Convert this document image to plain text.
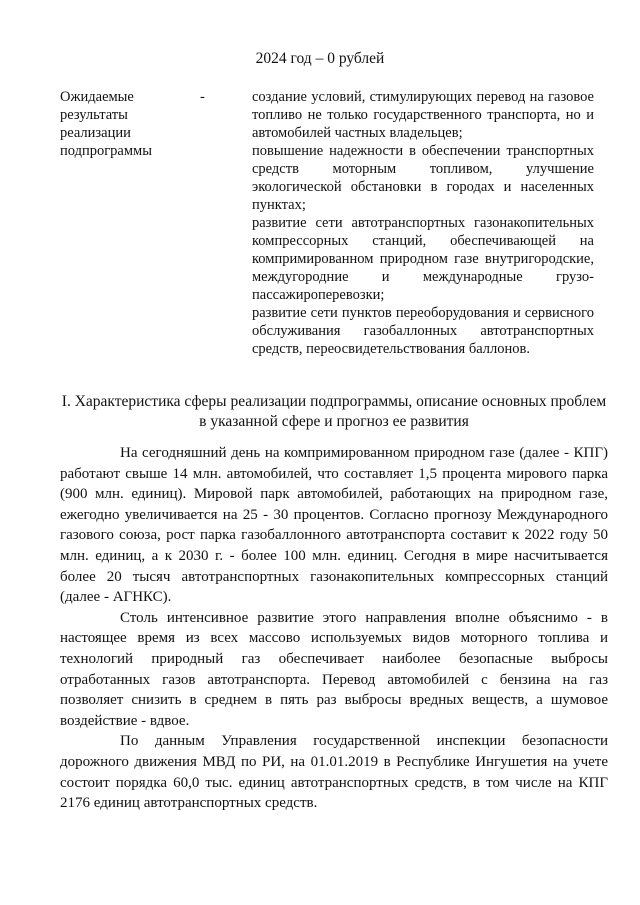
2024 год – 0 рублей
Ожидаемые результаты реализации подпрограммы
-	создание условий, стимулирующих перевод на газовое топливо не только государственного транспорта, но и автомобилей частных владельцев;

повышение надежности в обеспечении транспортных средств моторным топливом, улучшение экологической обстановки в городах и населенных пунктах;

развитие сети автотранспортных газонакопительных компрессорных станций, обеспечивающей на компримированном природном газе внутригородские, междугородние и международные грузо-пассажироперевозки;

развитие сети пунктов переоборудования и сервисного обслуживания газобаллонных автотранспортных средств, переосвидетельствования баллонов.

I. Характеристика сферы реализации подпрограммы, описание основных проблем в указанной сфере и прогноз ее развития

На сегодняшний день на компримированном природном газе (далее - КПГ) работают свыше 14 млн. автомобилей, что составляет 1,5 процента мирового парка (900 млн. единиц). Мировой парк автомобилей, работающих на природном газе, ежегодно увеличивается на 25 - 30 процентов. Согласно прогнозу Международного газового союза, рост парка газобаллонного автотранспорта составит к 2022 году 50 млн. единиц, а к 2030 г. - более 100 млн. единиц. Сегодня в мире насчитывается более 20 тысяч автотранспортных газонакопительных компрессорных станций (далее - АГНКС).

Столь интенсивное развитие этого направления вполне объяснимо - в настоящее время из всех массово используемых видов моторного топлива и технологий природный газ обеспечивает наиболее безопасные выбросы отработанных газов автотранспорта. Перевод автомобилей с бензина на газ позволяет снизить в среднем в пять раз выбросы вредных веществ, а шумовое воздействие - вдвое.

По данным Управления государственной инспекции безопасности дорожного движения МВД по РИ, на 01.01.2019 в Республике Ингушетия на учете состоит порядка 60,0 тыс. единиц автотранспортных средств, в том числе на КПГ 2176 единиц автотранспортных средств.
